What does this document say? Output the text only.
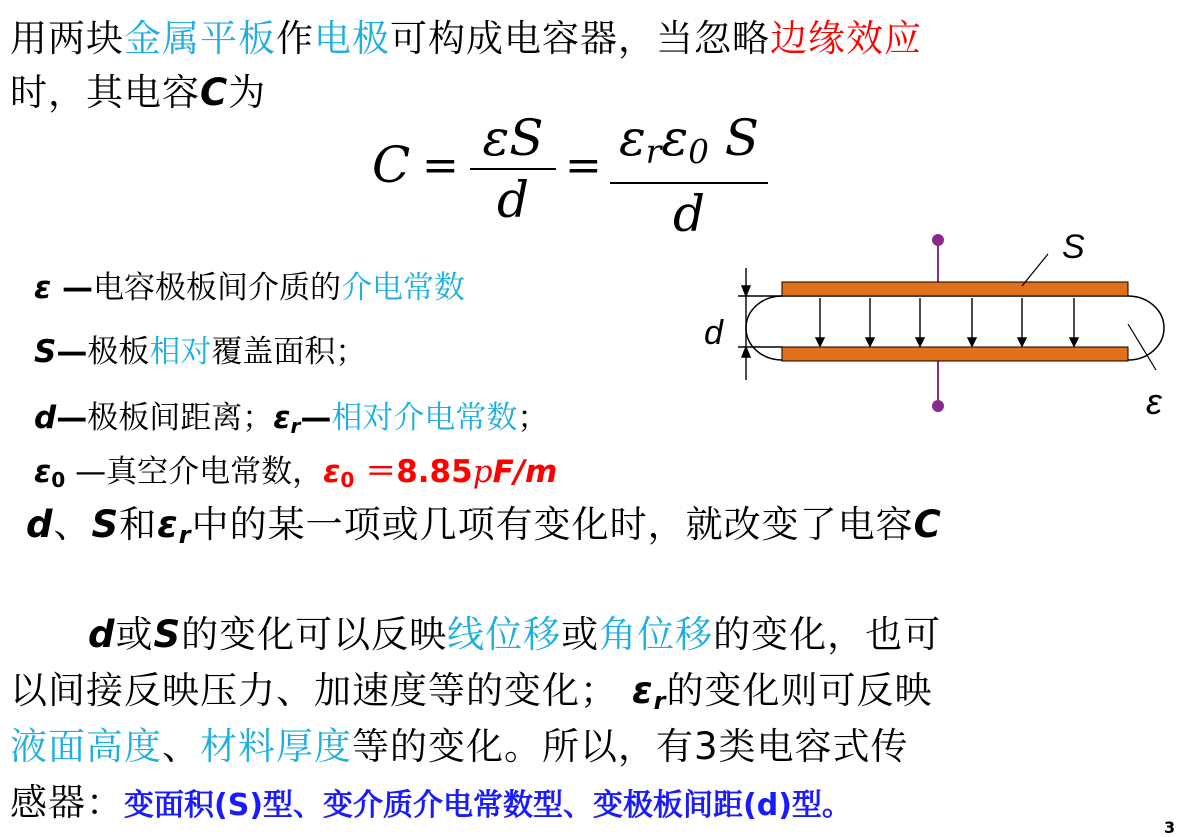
用两块金属平板作电极可构成电容器，当忽略边缘效应
时，其电容C为
C = εS
d
= $\varepsilon_r\varepsilon_0$ S
d
ε —电容极板间介质的介电常数
S—极板相对覆盖面积；
d—极板间距离；$\varepsilon_r—$相对介电常数；
$\varepsilon_0$ —真空介电常数，$\varepsilon_0 =8.85pF/m$
S
d
ε
d、S和$\varepsilon_r$中的某一项或几项有变化时，就改变了电容C
d或S的变化可以反映线位移或角位移的变化，也可
以间接反映压力、加速度等的变化； $\varepsilon_r$的变化则可反映
液面高度、材料厚度等的变化。所以，有3类电容式传
感器：变面积(S)型、变介质介电常数型、变极板间距(d)型。
3
